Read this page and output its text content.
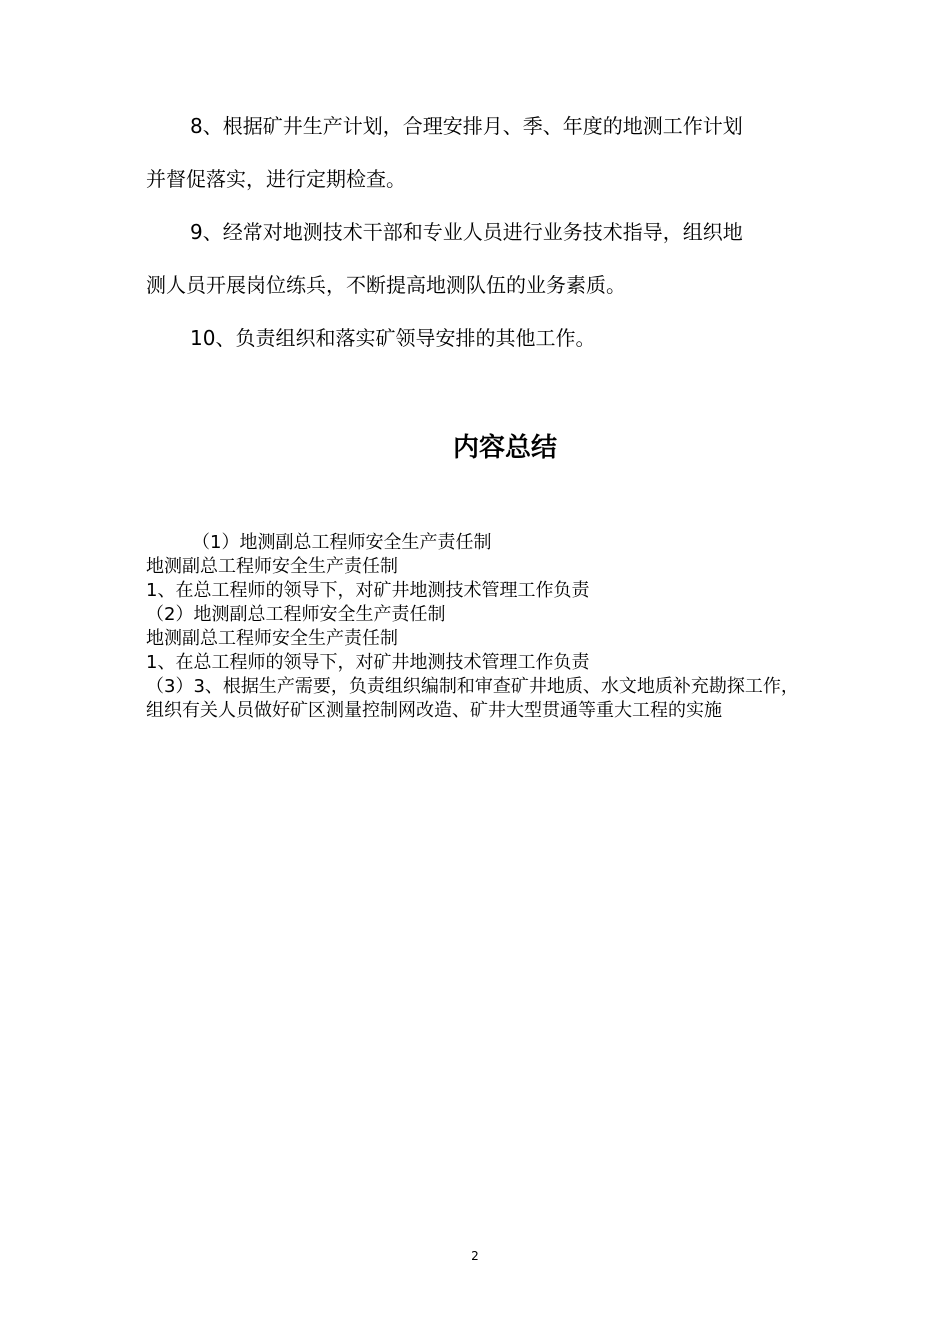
8、根据矿井生产计划，合理安排月、季、年度的地测工作计划

并督促落实，进行定期检查。

9、经常对地测技术干部和专业人员进行业务技术指导，组织地

测人员开展岗位练兵，不断提高地测队伍的业务素质。

10、负责组织和落实矿领导安排的其他工作。

内容总结

（1）地测副总工程师安全生产责任制

地测副总工程师安全生产责任制

1、在总工程师的领导下，对矿井地测技术管理工作负责

（2）地测副总工程师安全生产责任制

地测副总工程师安全生产责任制

1、在总工程师的领导下，对矿井地测技术管理工作负责

（3）3、根据生产需要，负责组织编制和审查矿井地质、水文地质补充勘探工作，组织有关人员做好矿区测量控制网改造、矿井大型贯通等重大工程的实施

2
